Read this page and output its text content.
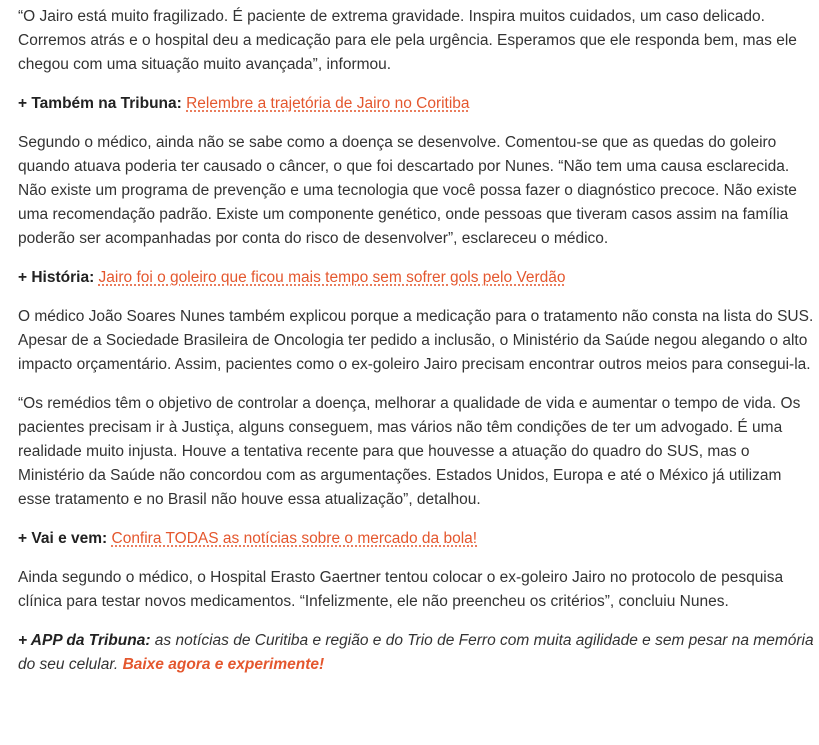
“O Jairo está muito fragilizado. É paciente de extrema gravidade. Inspira muitos cuidados, um caso delicado. Corremos atrás e o hospital deu a medicação para ele pela urgência. Esperamos que ele responda bem, mas ele chegou com uma situação muito avançada”, informou.

+ Também na Tribuna: Relembre a trajetória de Jairo no Coritiba

Segundo o médico, ainda não se sabe como a doença se desenvolve. Comentou-se que as quedas do goleiro quando atuava poderia ter causado o câncer, o que foi descartado por Nunes. “Não tem uma causa esclarecida. Não existe um programa de prevenção e uma tecnologia que você possa fazer o diagnóstico precoce. Não existe uma recomendação padrão. Existe um componente genético, onde pessoas que tiveram casos assim na família poderão ser acompanhadas por conta do risco de desenvolver”, esclareceu o médico.

+ História: Jairo foi o goleiro que ficou mais tempo sem sofrer gols pelo Verdão

O médico João Soares Nunes também explicou porque a medicação para o tratamento não consta na lista do SUS. Apesar de a Sociedade Brasileira de Oncologia ter pedido a inclusão, o Ministério da Saúde negou alegando o alto impacto orçamentário. Assim, pacientes como o ex-goleiro Jairo precisam encontrar outros meios para consegui-la.

“Os remédios têm o objetivo de controlar a doença, melhorar a qualidade de vida e aumentar o tempo de vida. Os pacientes precisam ir à Justiça, alguns conseguem, mas vários não têm condições de ter um advogado. É uma realidade muito injusta. Houve a tentativa recente para que houvesse a atuação do quadro do SUS, mas o Ministério da Saúde não concordou com as argumentações. Estados Unidos, Europa e até o México já utilizam esse tratamento e no Brasil não houve essa atualização”, detalhou.

+ Vai e vem: Confira TODAS as notícias sobre o mercado da bola!

Ainda segundo o médico, o Hospital Erasto Gaertner tentou colocar o ex-goleiro Jairo no protocolo de pesquisa clínica para testar novos medicamentos. “Infelizmente, ele não preencheu os critérios”, concluiu Nunes.

+ APP da Tribuna: as notícias de Curitiba e região e do Trio de Ferro com muita agilidade e sem pesar na memória do seu celular. Baixe agora e experimente!
